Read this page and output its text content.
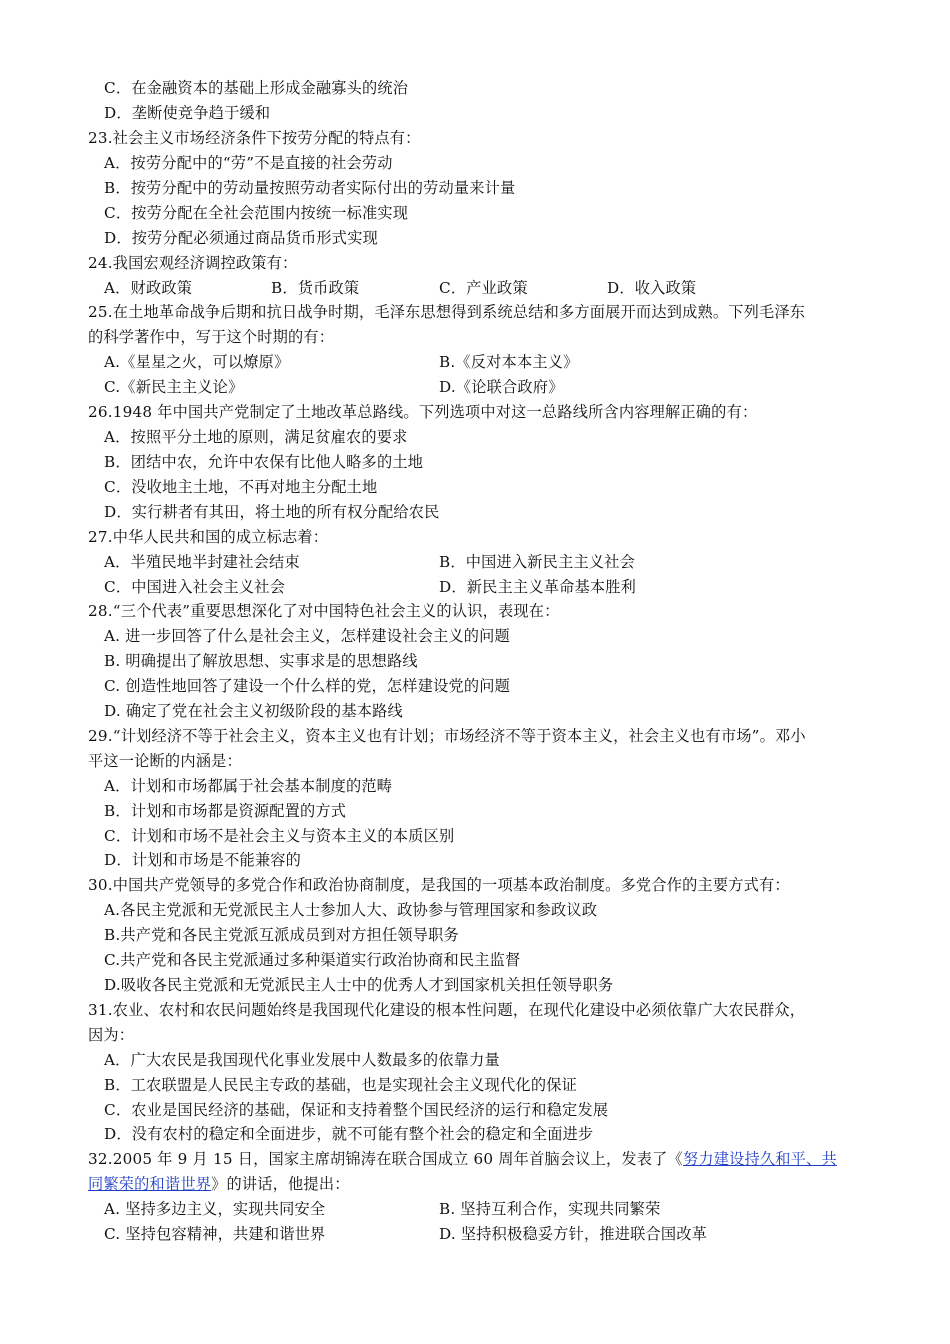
C．在金融资本的基础上形成金融寡头的统治
D．垄断使竞争趋于缓和
23.社会主义市场经济条件下按劳分配的特点有：
A．按劳分配中的“劳”不是直接的社会劳动
B．按劳分配中的劳动量按照劳动者实际付出的劳动量来计量
C．按劳分配在全社会范围内按统一标准实现
D．按劳分配必须通过商品货币形式实现
24.我国宏观经济调控政策有：
A．财政政策	B．货币政策	C．产业政策	D．收入政策
25.在土地革命战争后期和抗日战争时期，毛泽东思想得到系统总结和多方面展开而达到成熟。下列毛泽东
的科学著作中，写于这个时期的有：
A.《星星之火，可以燎原》	B.《反对本本主义》
C.《新民主主义论》	D.《论联合政府》
26.1948 年中国共产党制定了土地改革总路线。下列选项中对这一总路线所含内容理解正确的有：
A．按照平分土地的原则，满足贫雇农的要求
B．团结中农，允许中农保有比他人略多的土地
C．没收地主土地，不再对地主分配土地
D．实行耕者有其田，将土地的所有权分配给农民
27.中华人民共和国的成立标志着：
A．半殖民地半封建社会结束	B．中国进入新民主主义社会
C．中国进入社会主义社会	D．新民主主义革命基本胜利
28.“三个代表”重要思想深化了对中国特色社会主义的认识，表现在：
A. 进一步回答了什么是社会主义，怎样建设社会主义的问题
B. 明确提出了解放思想、实事求是的思想路线
C. 创造性地回答了建设一个什么样的党，怎样建设党的问题
D. 确定了党在社会主义初级阶段的基本路线
29.“计划经济不等于社会主义，资本主义也有计划；市场经济不等于资本主义，社会主义也有市场”。邓小
平这一论断的内涵是：
A．计划和市场都属于社会基本制度的范畴
B．计划和市场都是资源配置的方式
C．计划和市场不是社会主义与资本主义的本质区别
D．计划和市场是不能兼容的
30.中国共产党领导的多党合作和政治协商制度，是我国的一项基本政治制度。多党合作的主要方式有：
A.各民主党派和无党派民主人士参加人大、政协参与管理国家和参政议政
B.共产党和各民主党派互派成员到对方担任领导职务
C.共产党和各民主党派通过多种渠道实行政治协商和民主监督
D.吸收各民主党派和无党派民主人士中的优秀人才到国家机关担任领导职务
31.农业、农村和农民问题始终是我国现代化建设的根本性问题，在现代化建设中必须依靠广大农民群众，
因为：
A．广大农民是我国现代化事业发展中人数最多的依靠力量
B．工农联盟是人民民主专政的基础，也是实现社会主义现代化的保证
C．农业是国民经济的基础，保证和支持着整个国民经济的运行和稳定发展
D．没有农村的稳定和全面进步，就不可能有整个社会的稳定和全面进步
32.2005 年 9 月 15 日，国家主席胡锦涛在联合国成立 60 周年首脑会议上，发表了《努力建设持久和平、共
同繁荣的和谐世界》的讲话，他提出：
A. 坚持多边主义，实现共同安全	B. 坚持互利合作，实现共同繁荣
C. 坚持包容精神，共建和谐世界	D. 坚持积极稳妥方针，推进联合国改革
